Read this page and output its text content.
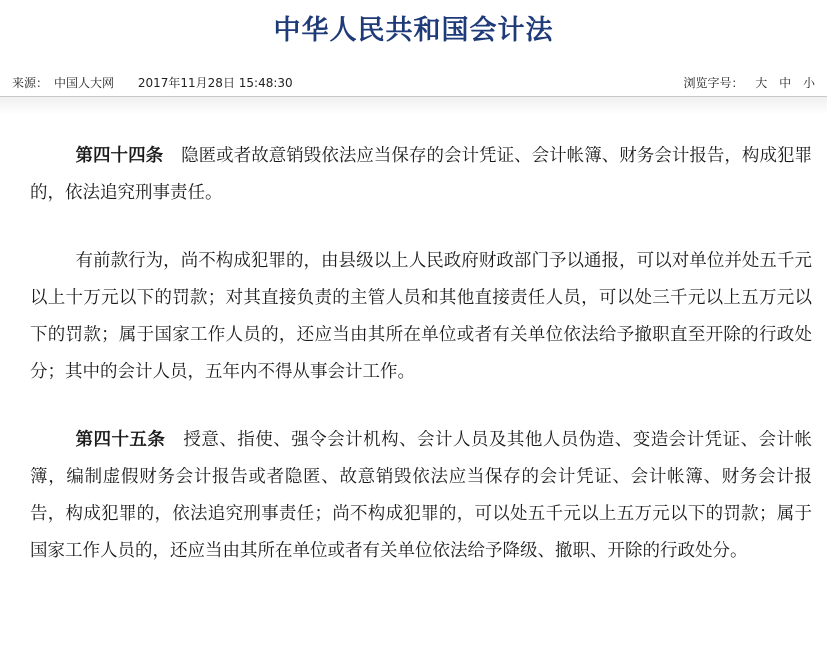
中华人民共和国会计法
来源： 中国人大网 2017年11月28日 15:48:30	浏览字号： 大 中 小

第四十四条 隐匿或者故意销毁依法应当保存的会计凭证、会计帐簿、财务会计报告，构成犯罪的，依法追究刑事责任。

有前款行为，尚不构成犯罪的，由县级以上人民政府财政部门予以通报，可以对单位并处五千元以上十万元以下的罚款；对其直接负责的主管人员和其他直接责任人员，可以处三千元以上五万元以下的罚款；属于国家工作人员的，还应当由其所在单位或者有关单位依法给予撤职直至开除的行政处分；其中的会计人员，五年内不得从事会计工作。

第四十五条 授意、指使、强令会计机构、会计人员及其他人员伪造、变造会计凭证、会计帐簿，编制虚假财务会计报告或者隐匿、故意销毁依法应当保存的会计凭证、会计帐簿、财务会计报告，构成犯罪的，依法追究刑事责任；尚不构成犯罪的，可以处五千元以上五万元以下的罚款；属于国家工作人员的，还应当由其所在单位或者有关单位依法给予降级、撤职、开除的行政处分。
